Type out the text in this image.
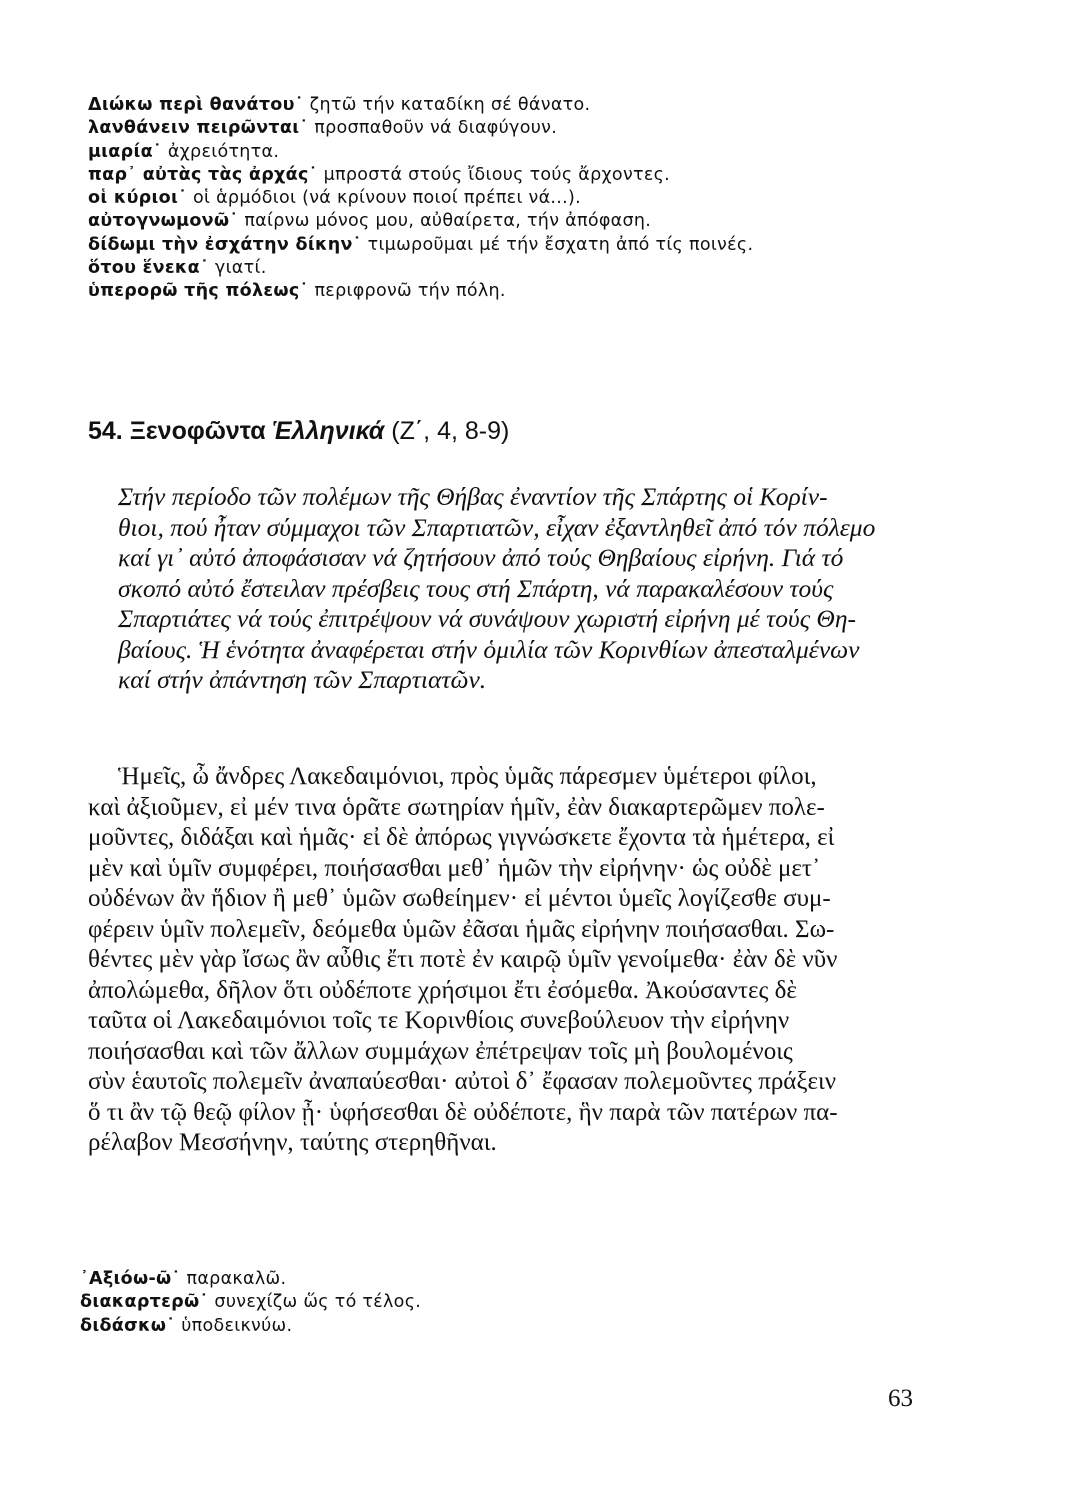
Διώκω περὶ θανάτου˙ ζητῶ τήν καταδίκη σέ θάνατο.
λανθάνειν πειρῶνται˙ προσπαθοῦν νά διαφύγουν.
μιαρία˙ ἀχρειότητα.
παρ᾽ αὐτὰς τὰς ἀρχάς˙ μπροστά στούς ἴδιους τούς ἄρχοντες.
οἱ κύριοι˙ οἱ ἁρμόδιοι (νά κρίνουν ποιοί πρέπει νά...).
αὐτογνωμονῶ˙ παίρνω μόνος μου, αὐθαίρετα, τήν ἀπόφαση.
δίδωμι τὴν ἐσχάτην δίκην˙ τιμωροῦμαι μέ τήν ἔσχατη ἀπό τίς ποινές.
ὅτου ἕνεκα˙ γιατί.
ὑπερορῶ τῆς πόλεως˙ περιφρονῶ τήν πόλη.
54. Ξενοφῶντα Ἑλληνικά (Ζ΄, 4, 8-9)
Στήν περίοδο τῶν πολέμων τῆς Θήβας ἐναντίον τῆς Σπάρτης οἱ Κορίν-
θιοι, πού ἦταν σύμμαχοι τῶν Σπαρτιατῶν, εἶχαν ἐξαντληθεῖ ἀπό τόν πόλεμο
καί γι᾽ αὐτό ἀποφάσισαν νά ζητήσουν ἀπό τούς Θηβαίους εἰρήνη. Γιά τό
σκοπό αὐτό ἔστειλαν πρέσβεις τους στή Σπάρτη, νά παρακαλέσουν τούς
Σπαρτιάτες νά τούς ἐπιτρέψουν νά συνάψουν χωριστή εἰρήνη μέ τούς Θη-
βαίους. Ἡ ἑνότητα ἀναφέρεται στήν ὁμιλία τῶν Κορινθίων ἀπεσταλμένων
καί στήν ἀπάντηση τῶν Σπαρτιατῶν.
Ἡμεῖς, ὦ ἄνδρες Λακεδαιμόνιοι, πρὸς ὑμᾶς πάρεσμεν ὑμέτεροι φίλοι,
καὶ ἀξιοῦμεν, εἰ μέν τινα ὁρᾶτε σωτηρίαν ἡμῖν, ἐὰν διακαρτερῶμεν πολε-
μοῦντες, διδάξαι καὶ ἡμᾶς· εἰ δὲ ἀπόρως γιγνώσκετε ἔχοντα τὰ ἡμέτερα, εἰ
μὲν καὶ ὑμῖν συμφέρει, ποιήσασθαι μεθ᾽ ἡμῶν τὴν εἰρήνην· ὡς οὐδὲ μετ᾽
οὐδένων ἂν ἥδιον ἢ μεθ᾽ ὑμῶν σωθείημεν· εἰ μέντοι ὑμεῖς λογίζεσθε συμ-
φέρειν ὑμῖν πολεμεῖν, δεόμεθα ὑμῶν ἐᾶσαι ἡμᾶς εἰρήνην ποιήσασθαι. Σω-
θέντες μὲν γὰρ ἴσως ἂν αὖθις ἔτι ποτὲ ἐν καιρῷ ὑμῖν γενοίμεθα· ἐὰν δὲ νῦν
ἀπολώμεθα, δῆλον ὅτι οὐδέποτε χρήσιμοι ἔτι ἐσόμεθα. Ἀκούσαντες δὲ
ταῦτα οἱ Λακεδαιμόνιοι τοῖς τε Κορινθίοις συνεβούλευον τὴν εἰρήνην
ποιήσασθαι καὶ τῶν ἄλλων συμμάχων ἐπέτρεψαν τοῖς μὴ βουλομένοις
σὺν ἑαυτοῖς πολεμεῖν ἀναπαύεσθαι· αὐτοὶ δ᾽ ἔφασαν πολεμοῦντες πράξειν
ὅ τι ἂν τῷ θεῷ φίλον ᾖ· ὑφήσεσθαι δὲ οὐδέποτε, ἣν παρὰ τῶν πατέρων πα-
ρέλαβον Μεσσήνην, ταύτης στερηθῆναι.
᾽Αξιόω-ῶ˙ παρακαλῶ.
διακαρτερῶ˙ συνεχίζω ὥς τό τέλος.
διδάσκω˙ ὑποδεικνύω.
63
